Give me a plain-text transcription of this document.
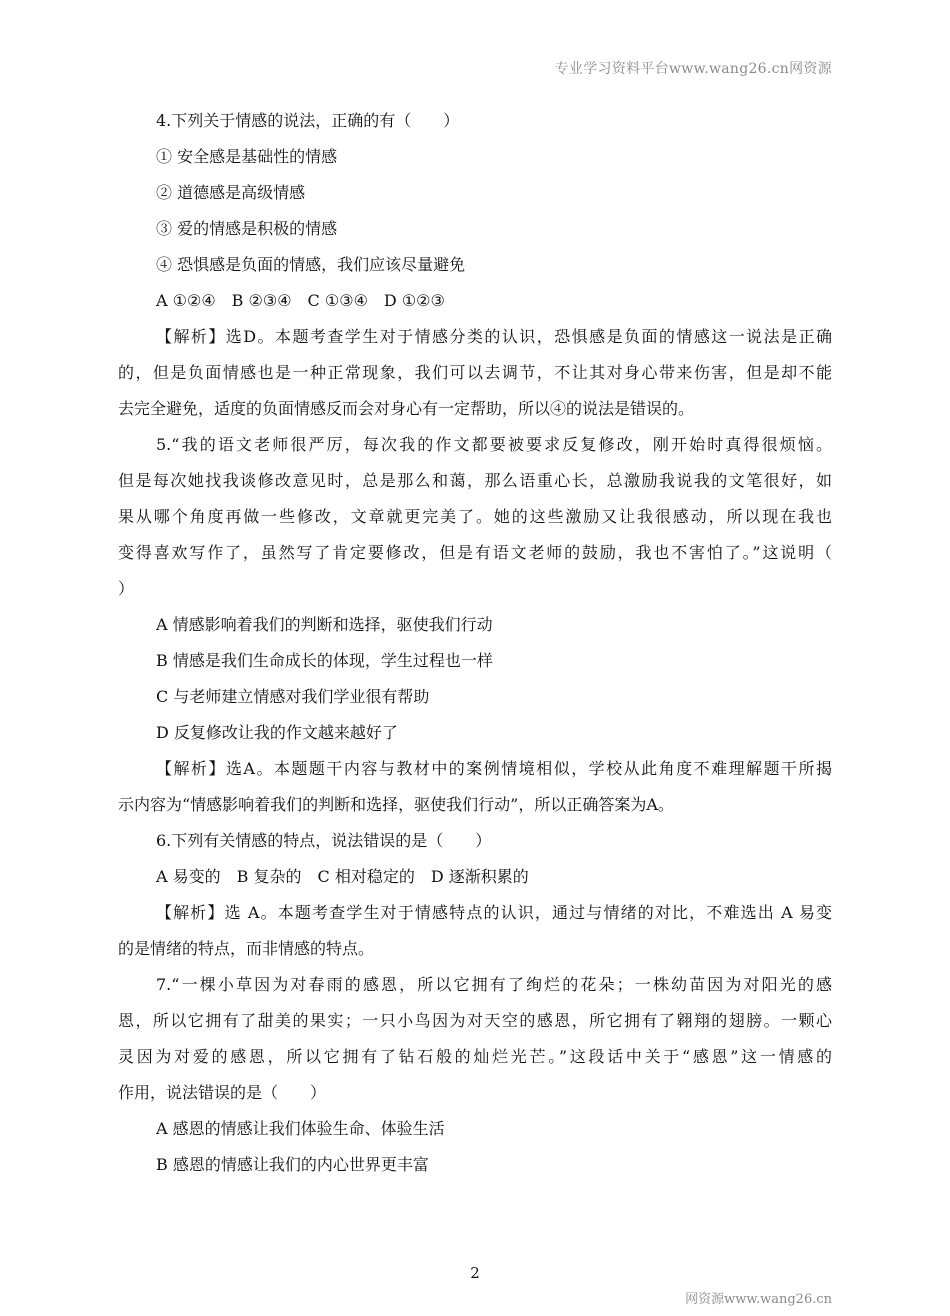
专业学习资料平台www.wang26.cn网资源
4.下列关于情感的说法，正确的有（　　）
① 安全感是基础性的情感
② 道德感是高级情感
③ 爱的情感是积极的情感
④ 恐惧感是负面的情感，我们应该尽量避免
A ①②④　B ②③④　C ①③④　D ①②③
【解析】选D。本题考查学生对于情感分类的认识，恐惧感是负面的情感这一说法是正确
的，但是负面情感也是一种正常现象，我们可以去调节，不让其对身心带来伤害，但是却不能
去完全避免，适度的负面情感反而会对身心有一定帮助，所以④的说法是错误的。
5.“我的语文老师很严厉，每次我的作文都要被要求反复修改，刚开始时真得很烦恼。
但是每次她找我谈修改意见时，总是那么和蔼，那么语重心长，总激励我说我的文笔很好，如
果从哪个角度再做一些修改，文章就更完美了。她的这些激励又让我很感动，所以现在我也
变得喜欢写作了，虽然写了肯定要修改，但是有语文老师的鼓励，我也不害怕了。”这说明（
）
A 情感影响着我们的判断和选择，驱使我们行动
B 情感是我们生命成长的体现，学生过程也一样
C 与老师建立情感对我们学业很有帮助
D 反复修改让我的作文越来越好了
【解析】选A。本题题干内容与教材中的案例情境相似，学校从此角度不难理解题干所揭
示内容为“情感影响着我们的判断和选择，驱使我们行动”，所以正确答案为A。
6.下列有关情感的特点，说法错误的是（　　）
A 易变的　B 复杂的　C 相对稳定的　D 逐渐积累的
【解析】选 A。本题考查学生对于情感特点的认识，通过与情绪的对比，不难选出 A 易变
的是情绪的特点，而非情感的特点。
7.“一棵小草因为对春雨的感恩，所以它拥有了绚烂的花朵；一株幼苗因为对阳光的感
恩，所以它拥有了甜美的果实；一只小鸟因为对天空的感恩，所它拥有了翱翔的翅膀。一颗心
灵因为对爱的感恩，所以它拥有了钻石般的灿烂光芒。”这段话中关于“感恩”这一情感的
作用，说法错误的是（　　）
A 感恩的情感让我们体验生命、体验生活
B 感恩的情感让我们的内心世界更丰富
2
网资源www.wang26.cn
